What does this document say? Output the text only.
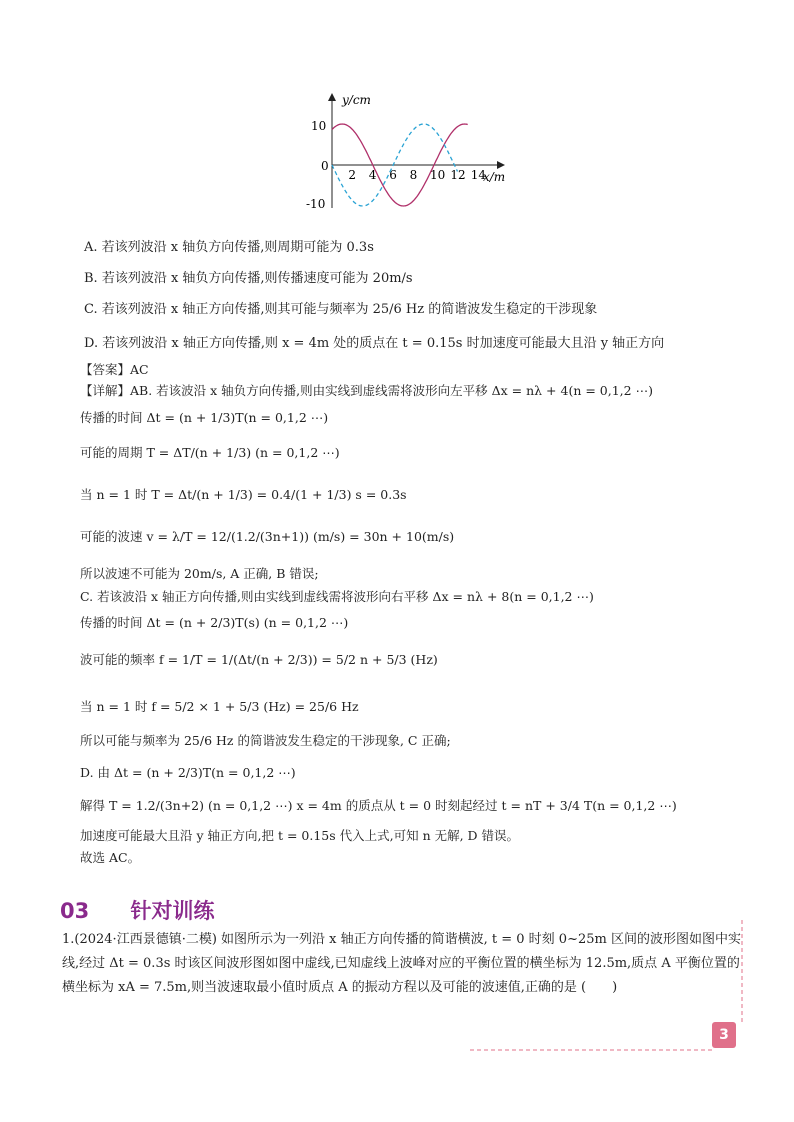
y/cm
x/m
10
0
-10
2 4 6 8 10 12 14
A. 若该列波沿 x 轴负方向传播,则周期可能为 0.3s
B. 若该列波沿 x 轴负方向传播,则传播速度可能为 20m/s
C. 若该列波沿 x 轴正方向传播,则其可能与频率为 25/6 Hz 的简谐波发生稳定的干涉现象
D. 若该列波沿 x 轴正方向传播,则 x = 4m 处的质点在 t = 0.15s 时加速度可能最大且沿 y 轴正方向
【答案】AC
【详解】AB. 若该波沿 x 轴负方向传播,则由实线到虚线需将波形向左平移 Δx = nλ + 4(n = 0,1,2 ⋯)
传播的时间 Δt = (n + 1/3)T(n = 0,1,2 ⋯)
可能的周期 T = ΔT/(n + 1/3) (n = 0,1,2 ⋯)
当 n = 1 时 T = Δt/(n + 1/3) = 0.4/(1 + 1/3) s = 0.3s
可能的波速 v = λ/T = 12/(1.2/(3n+1)) (m/s) = 30n + 10(m/s)
所以波速不可能为 20m/s, A 正确, B 错误;
C. 若该波沿 x 轴正方向传播,则由实线到虚线需将波形向右平移 Δx = nλ + 8(n = 0,1,2 ⋯)
传播的时间 Δt = (n + 2/3)T(s) (n = 0,1,2 ⋯)
波可能的频率 f = 1/T = 1/(Δt/(n + 2/3)) = 5/2 n + 5/3 (Hz)
当 n = 1 时 f = 5/2 × 1 + 5/3 (Hz) = 25/6 Hz
所以可能与频率为 25/6 Hz 的简谐波发生稳定的干涉现象, C 正确;
D. 由 Δt = (n + 2/3)T(n = 0,1,2 ⋯)
解得 T = 1.2/(3n+2) (n = 0,1,2 ⋯) x = 4m 的质点从 t = 0 时刻起经过 t = nT + 3/4 T(n = 0,1,2 ⋯)
加速度可能最大且沿 y 轴正方向,把 t = 0.15s 代入上式,可知 n 无解, D 错误。
故选 AC。
03 针对训练
1.(2024·江西景德镇·二模) 如图所示为一列沿 x 轴正方向传播的简谐横波, t = 0 时刻 0~25m 区间的波形图如图中实线,经过 Δt = 0.3s 时该区间波形图如图中虚线,已知虚线上波峰对应的平衡位置的横坐标为 12.5m,质点 A 平衡位置的横坐标为 xA = 7.5m,则当波速取最小值时质点 A 的振动方程以及可能的波速值,正确的是 (　　)
3
